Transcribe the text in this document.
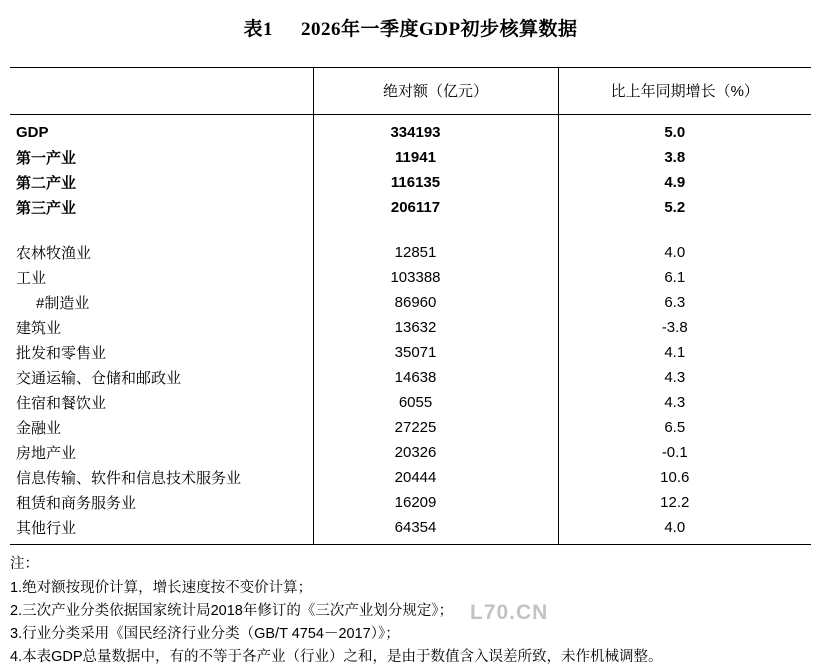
表1 2026年一季度GDP初步核算数据
	绝对额（亿元）	比上年同期增长（%）
GDP	334193	5.0
第一产业	11941	3.8
第二产业	116135	4.9
第三产业	206117	5.2

农林牧渔业	12851	4.0
工业	103388	6.1
#制造业	86960	6.3
建筑业	13632	-3.8
批发和零售业	35071	4.1
交通运输、仓储和邮政业	14638	4.3
住宿和餐饮业	6055	4.3
金融业	27225	6.5
房地产业	20326	-0.1
信息传输、软件和信息技术服务业	20444	10.6
租赁和商务服务业	16209	12.2
其他行业	64354	4.0
注：
1.绝对额按现价计算，增长速度按不变价计算；
2.三次产业分类依据国家统计局2018年修订的《三次产业划分规定》；
3.行业分类采用《国民经济行业分类（GB/T 4754－2017）》；
4.本表GDP总量数据中，有的不等于各产业（行业）之和，是由于数值含入误差所致，未作机械调整。
L70.CN
